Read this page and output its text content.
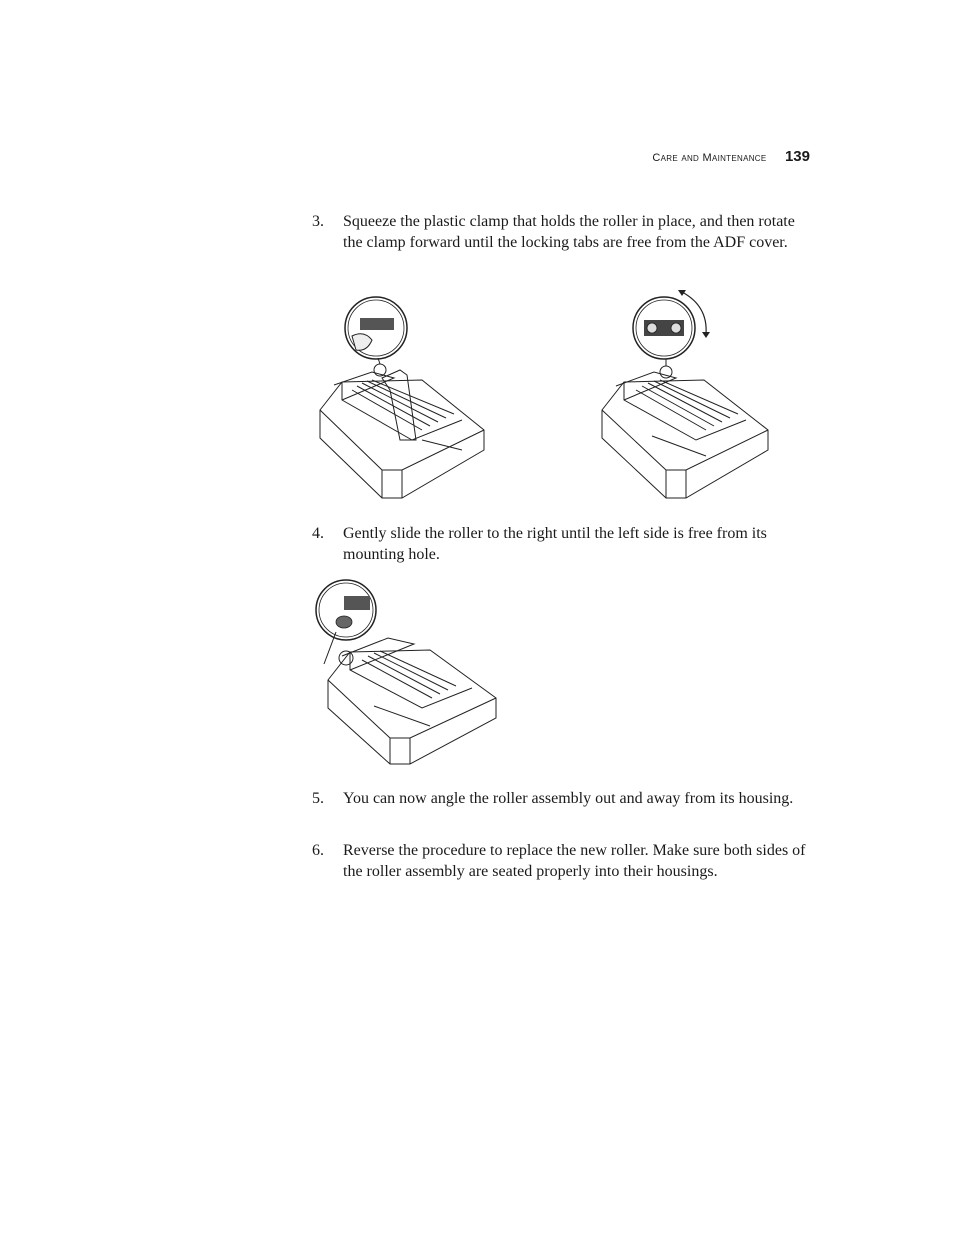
Care and Maintenance 139
3. Squeeze the plastic clamp that holds the roller in place, and then rotate the clamp forward until the locking tabs are free from the ADF cover.
4. Gently slide the roller to the right until the left side is free from its mounting hole.
5. You can now angle the roller assembly out and away from its housing.
6. Reverse the procedure to replace the new roller. Make sure both sides of the roller assembly are seated properly into their housings.
